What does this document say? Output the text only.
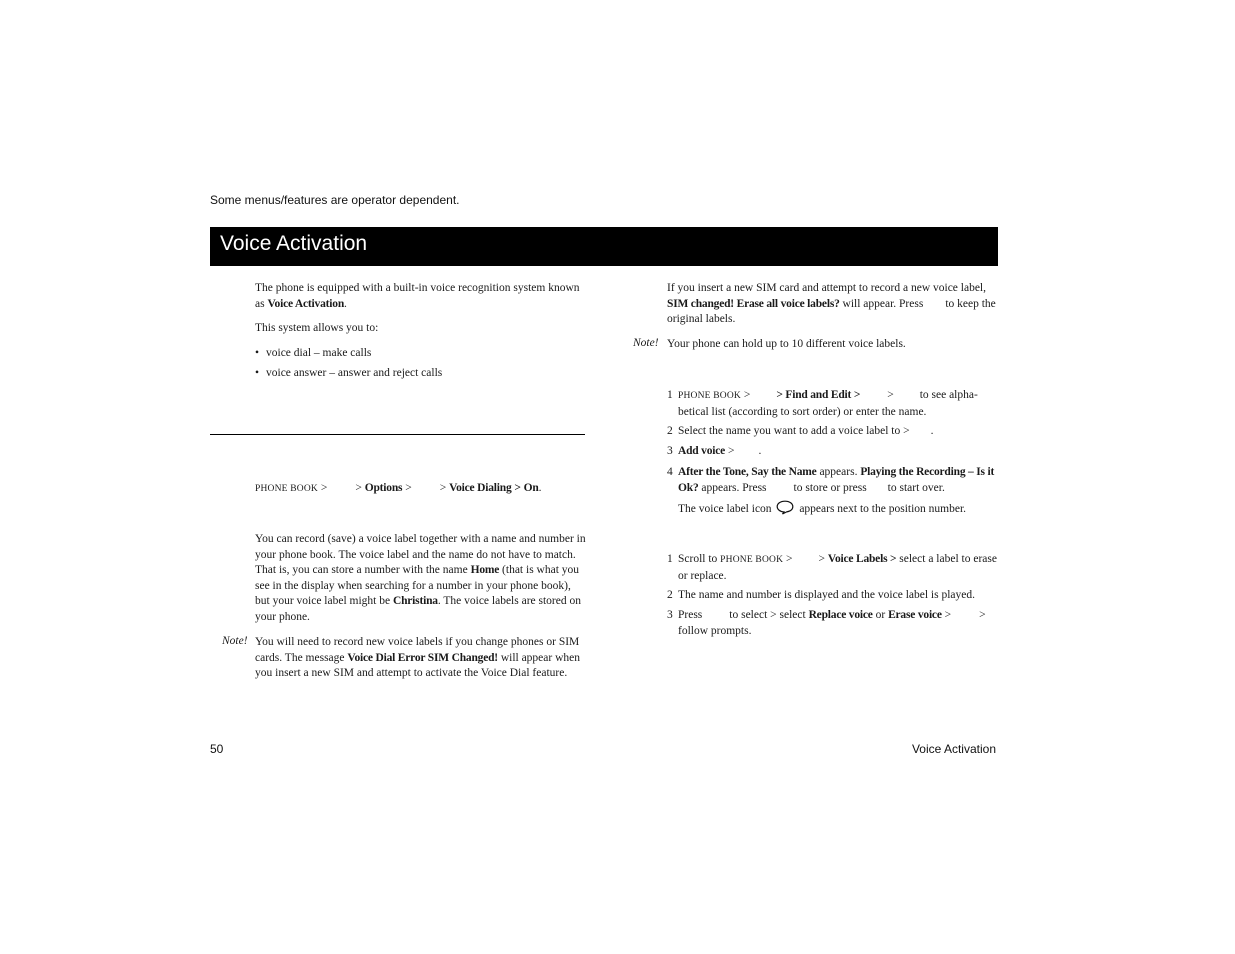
Some menus/features are operator dependent.
Voice Activation

The phone is equipped with a built-in voice recognition system known as Voice Activation.

This system allows you to:

• voice dial – make calls

• voice answer – answer and reject calls

PHONE BOOK > > Options > > Voice Dialing > On.

You can record (save) a voice label together with a name and number in your phone book. The voice label and the name do not have to match. That is, you can store a number with the name Home (that is what you see in the display when searching for a number in your phone book), but your voice label might be Christina. The voice labels are stored on your phone.

Note! You will need to record new voice labels if you change phones or SIM cards. The message Voice Dial Error SIM Changed! will appear when you insert a new SIM and attempt to activate the Voice Dial feature.

If you insert a new SIM card and attempt to record a new voice label, SIM changed! Erase all voice labels? will appear. Press to keep the original labels.

Note! Your phone can hold up to 10 different voice labels.

1 PHONE BOOK > > Find and Edit > > to see alpha-
betical list (according to sort order) or enter the name.

2 Select the name you want to add a voice label to > .

3 Add voice > .

4 After the Tone, Say the Name appears. Playing the Recording – Is it
Ok? appears. Press to store or press to start over.

The voice label icon appears next to the position number.

1 Scroll to PHONE BOOK > > Voice Labels > select a label to erase
or replace.

2 The name and number is displayed and the voice label is played.

3 Press to select > select Replace voice or Erase voice > >
follow prompts.

50	Voice Activation
